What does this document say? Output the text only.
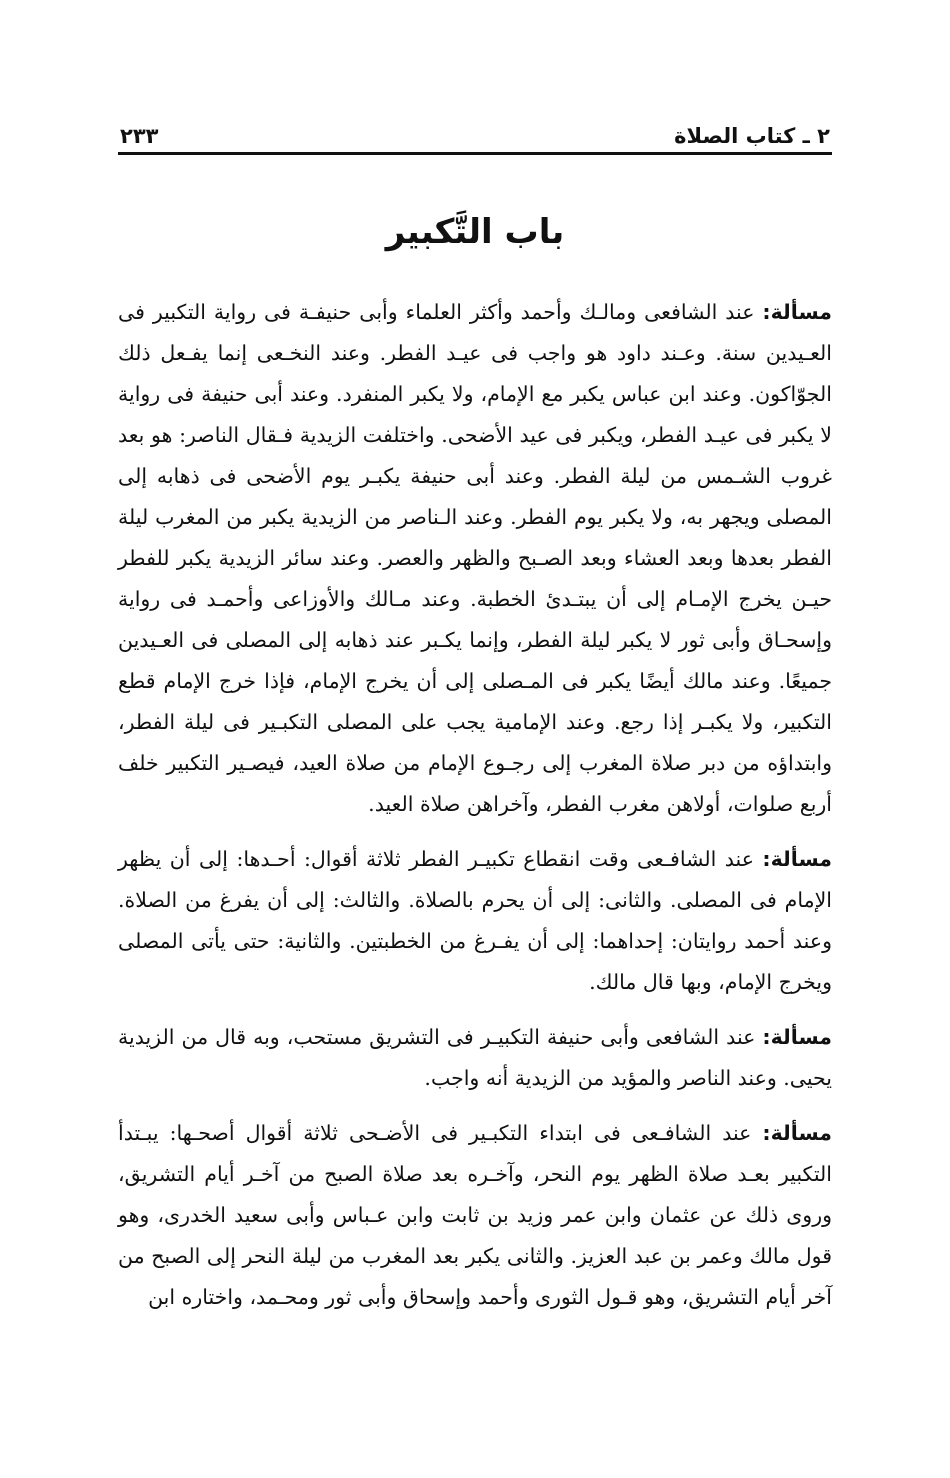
٢ ـ كتاب الصلاة
٢٣٣
باب التَّكبير

مسألة: عند الشافعى ومالـك وأحمد وأكثر العلماء وأبى حنيفـة فى رواية التكبير فى العـيدين سنة. وعـند داود هو واجب فى عيـد الفطر. وعند النخـعى إنما يفـعل ذلك الجوّاكون. وعند ابن عباس يكبر مع الإمام، ولا يكبر المنفرد. وعند أبى حنيفة فى رواية لا يكبر فى عيـد الفطر، ويكبر فى عيد الأضحى. واختلفت الزيدية فـقال الناصر: هو بعد غروب الشـمس من ليلة الفطر. وعند أبى حنيفة يكبـر يوم الأضحى فى ذهابه إلى المصلى ويجهر به، ولا يكبر يوم الفطر. وعند الـناصر من الزيدية يكبر من المغرب ليلة الفطر بعدها وبعد العشاء وبعد الصـبح والظهر والعصر. وعند سائر الزيدية يكبر للفطر حيـن يخرج الإمـام إلى أن يبتـدئ الخطبة. وعند مـالك والأوزاعى وأحمـد فى رواية وإسحـاق وأبى ثور لا يكبر ليلة الفطر، وإنما يكـبر عند ذهابه إلى المصلى فى العـيدين جميعًا. وعند مالك أيضًا يكبر فى المـصلى إلى أن يخرج الإمام، فإذا خرج الإمام قطع التكبير، ولا يكبـر إذا رجع. وعند الإمامية يجب على المصلى التكبـير فى ليلة الفطر، وابتداؤه من دبر صلاة المغرب إلى رجـوع الإمام من صلاة العيد، فيصـير التكبير خلف أربع صلوات، أولاهن مغرب الفطر، وآخراهن صلاة العيد.

مسألة: عند الشافـعى وقت انقطاع تكبيـر الفطر ثلاثة أقوال: أحـدها: إلى أن يظهر الإمام فى المصلى. والثانى: إلى أن يحرم بالصلاة. والثالث: إلى أن يفرغ من الصلاة. وعند أحمد روايتان: إحداهما: إلى أن يفـرغ من الخطبتين. والثانية: حتى يأتى المصلى ويخرج الإمام، وبها قال مالك.

مسألة: عند الشافعى وأبى حنيفة التكبيـر فى التشريق مستحب، وبه قال من الزيدية يحيى. وعند الناصر والمؤيد من الزيدية أنه واجب.

مسألة: عند الشافـعى فى ابتداء التكبـير فى الأضـحى ثلاثة أقوال أصحـها: يبـتدأ التكبير بعـد صلاة الظهر يوم النحر، وآخـره بعد صلاة الصبح من آخـر أيام التشريق، وروى ذلك عن عثمان وابن عمر وزيد بن ثابت وابن عـباس وأبى سعيد الخدرى، وهو قول مالك وعمر بن عبد العزيز. والثانى يكبر بعد المغرب من ليلة النحر إلى الصبح من آخر أيام التشريق، وهو قـول الثورى وأحمد وإسحاق وأبى ثور ومحـمد، واختاره ابن
